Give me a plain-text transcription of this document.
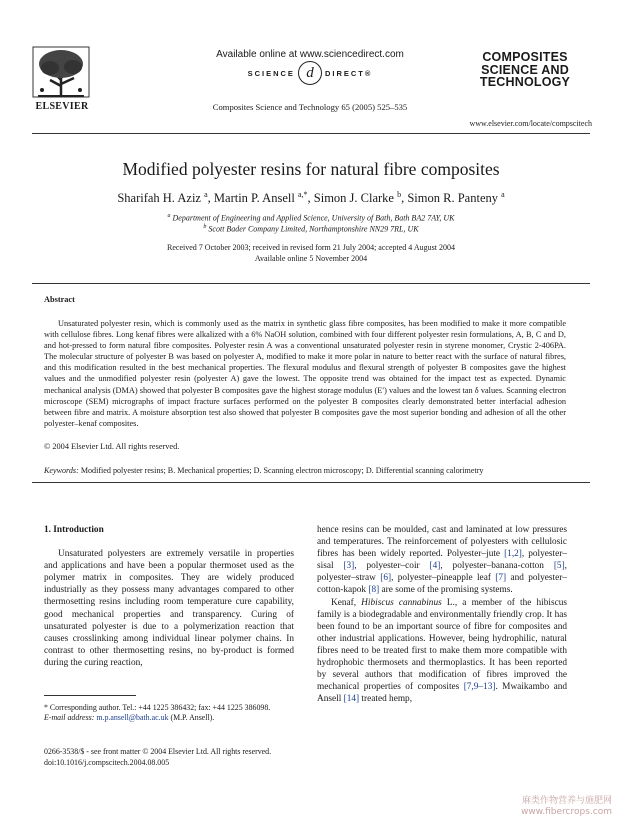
ELSEVIER
Available online at www.sciencedirect.com
SCIENCE d	DIRECT®
Composites Science and Technology 65 (2005) 525–535
COMPOSITES
SCIENCE AND
TECHNOLOGY
www.elsevier.com/locate/compscitech
Modified polyester resins for natural fibre composites
Sharifah H. Aziz $^a$, Martin P. Ansell $^{a,*}$, Simon J. Clarke $^b$, Simon R. Panteny $^a$
$^a$ Department of Engineering and Applied Science, University of Bath, Bath BA2 7AY, UK
$^b$ Scott Bader Company Limited, Northamptonshire NN29 7RL, UK
Received 7 October 2003; received in revised form 21 July 2004; accepted 4 August 2004
Available online 5 November 2004
Abstract
Unsaturated polyester resin, which is commonly used as the matrix in synthetic glass fibre composites, has been modified to make it more compatible with cellulose fibres. Long kenaf fibres were alkalized with a 6% NaOH solution, combined with four different polyester resin formulations, A, B, C and D, and hot-pressed to form natural fibre composites. Polyester resin A was a conventional unsaturated polyester resin in styrene monomer, Crystic 2-406PA. The molecular structure of polyester B was based on polyester A, modified to make it more polar in nature to better react with the surface of natural fibres, and this modification resulted in the best mechanical properties. The flexural modulus and flexural strength of polyester B composites gave the highest values and the unmodified polyester resin (polyester A) gave the lowest. The opposite trend was obtained for the impact test as expected. Dynamic mechanical analysis (DMA) showed that polyester B composites gave the highest storage modulus (E′) values and the lowest tan δ values. Scanning electron microscope (SEM) micrographs of impact fracture surfaces performed on the polyester B composites clearly demonstrated better interfacial adhesion between fibre and matrix. A moisture absorption test also showed that polyester B composites gave the most superior bonding and adhesion of all the other polyester–kenaf composites.
© 2004 Elsevier Ltd. All rights reserved.
Keywords: Modified polyester resins; B. Mechanical properties; D. Scanning electron microscopy; D. Differential scanning calorimetry
1. Introduction

Unsaturated polyesters are extremely versatile in properties and applications and have been a popular thermoset used as the polymer matrix in composites. They are widely produced industrially as they possess many advantages compared to other thermosetting resins including room temperature cure capability, good mechanical properties and transparency. Curing of unsaturated polyester is due to a polymerization reaction that causes crosslinking among individual linear polymer chains. In contrast to other thermosetting resins, no by-product is formed during the curing reaction,

hence resins can be moulded, cast and laminated at low pressures and temperatures. The reinforcement of polyesters with cellulosic fibres has been widely reported. Polyester–jute [1,2], polyester–sisal [3], polyester–coir [4], polyester–banana-cotton [5], polyester–straw [6], polyester–pineapple leaf [7] and polyester–cotton-kapok [8] are some of the promising systems.

Kenaf, Hibiscus cannabinus L., a member of the hibiscus family is a biodegradable and environmentally friendly crop. It has been found to be an important source of fibre for composites and other industrial applications. However, being hydrophilic, natural fibres need to be treated first to make them more compatible with hydrophobic thermosets and thermoplastics. It has been reported by several authors that modification of fibres improved the mechanical properties of composites [7,9–13]. Mwaikambo and Ansell [14] treated hemp,

* Corresponding author. Tel.: +44 1225 386432; fax: +44 1225 386098.
E-mail address: m.p.ansell@bath.ac.uk (M.P. Ansell).
0266-3538/$ - see front matter © 2004 Elsevier Ltd. All rights reserved.
doi:10.1016/j.compscitech.2004.08.005
麻类作物营养与施肥网
www.fibercrops.com
